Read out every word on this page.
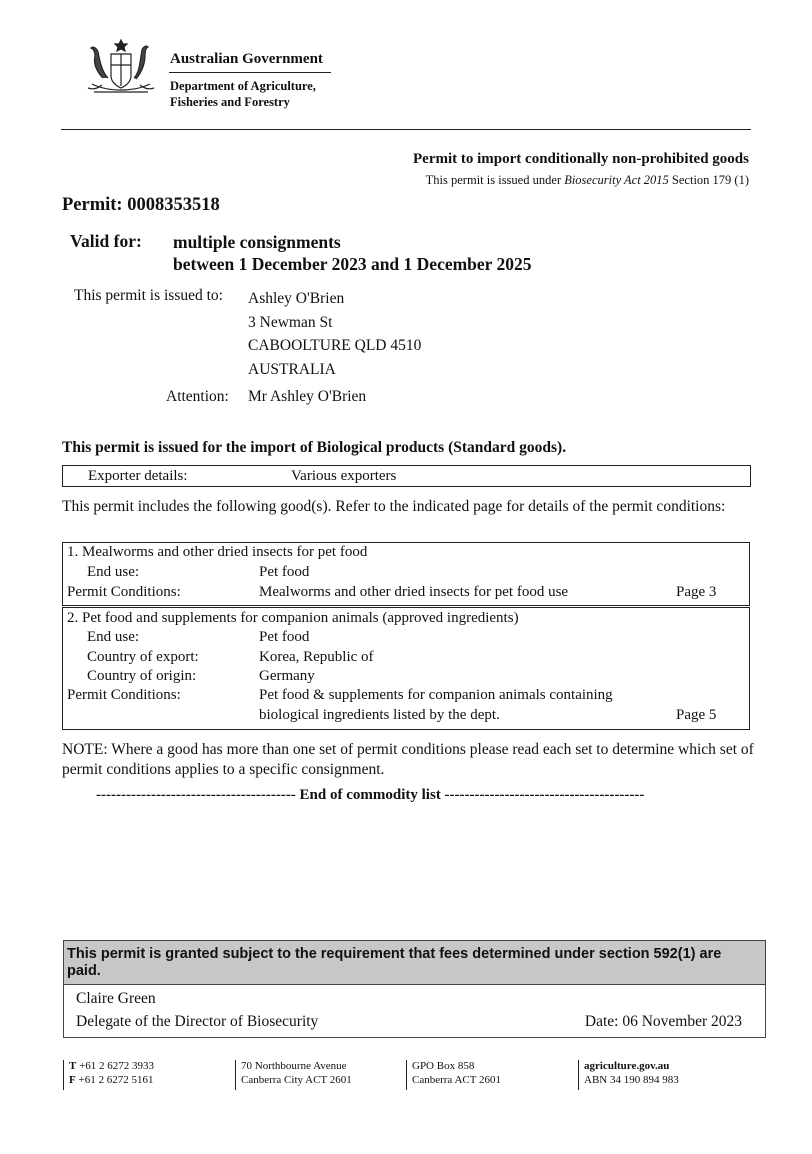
Australian Government
Department of Agriculture,
Fisheries and Forestry
Permit to import conditionally non-prohibited goods
This permit is issued under Biosecurity Act 2015 Section 179 (1)
Permit: 0008353518
Valid for: multiple consignments
between 1 December 2023 and 1 December 2025
This permit is issued to: Ashley O'Brien
3 Newman St
CABOOLTURE QLD 4510
AUSTRALIA
Attention: Mr Ashley O'Brien
This permit is issued for the import of Biological products (Standard goods).
Exporter details:	Various exporters
This permit includes the following good(s). Refer to the indicated page for details of the permit conditions:
1. Mealworms and other dried insects for pet food
End use:	Pet food
Permit Conditions:	Mealworms and other dried insects for pet food use	Page 3
2. Pet food and supplements for companion animals (approved ingredients)
End use:	Pet food
Country of export:	Korea, Republic of
Country of origin:	Germany
Permit Conditions:	Pet food & supplements for companion animals containing
biological ingredients listed by the dept.	Page 5
NOTE: Where a good has more than one set of permit conditions please read each set to determine which set of permit conditions applies to a specific consignment.
---------------------------------------- End of commodity list ----------------------------------------
This permit is granted subject to the requirement that fees determined under section 592(1) are paid.
Claire Green
Delegate of the Director of Biosecurity	Date: 06 November 2023
T +61 2 6272 3933
F +61 2 6272 5161
70 Northbourne Avenue
Canberra City ACT 2601
GPO Box 858
Canberra ACT 2601
agriculture.gov.au
ABN 34 190 894 983
